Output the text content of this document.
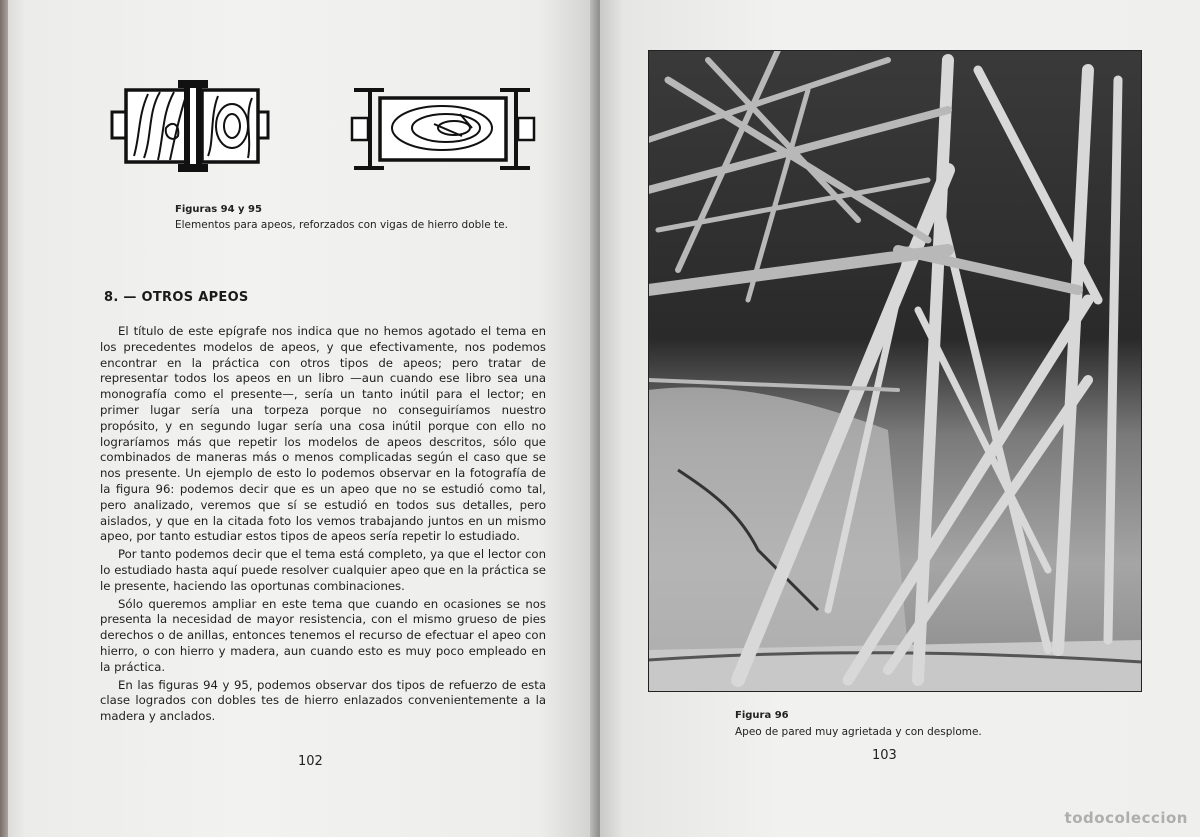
Figuras 94 y 95
Elementos para apeos, reforzados con vigas de hierro doble te.
8. — OTROS APEOS

El título de este epígrafe nos indica que no hemos agotado el tema en los precedentes modelos de apeos, y que efectivamente, nos podemos encontrar en la práctica con otros tipos de apeos; pero tratar de representar todos los apeos en un libro —aun cuando ese libro sea una monografía como el presente—, sería un tanto inútil para el lector; en primer lugar sería una torpeza porque no conseguiríamos nuestro propósito, y en segundo lugar sería una cosa inútil porque con ello no lograríamos más que repetir los modelos de apeos descritos, sólo que combinados de maneras más o menos complicadas según el caso que se nos presente. Un ejemplo de esto lo podemos observar en la fotografía de la figura 96: podemos decir que es un apeo que no se estudió como tal, pero analizado, veremos que sí se estudió en todos sus detalles, pero aislados, y que en la citada foto los vemos trabajando juntos en un mismo apeo, por tanto estudiar estos tipos de apeos sería repetir lo estudiado.

Por tanto podemos decir que el tema está completo, ya que el lector con lo estudiado hasta aquí puede resolver cualquier apeo que en la práctica se le presente, haciendo las oportunas combinaciones.

Sólo queremos ampliar en este tema que cuando en ocasiones se nos presenta la necesidad de mayor resistencia, con el mismo grueso de pies derechos o de anillas, entonces tenemos el recurso de efectuar el apeo con hierro, o con hierro y madera, aun cuando esto es muy poco empleado en la práctica.

En las figuras 94 y 95, podemos observar dos tipos de refuerzo de esta clase logrados con dobles tes de hierro enlazados convenientemente a la madera y anclados.

102
Figura 96
Apeo de pared muy agrietada y con desplome.
103
todocoleccion
